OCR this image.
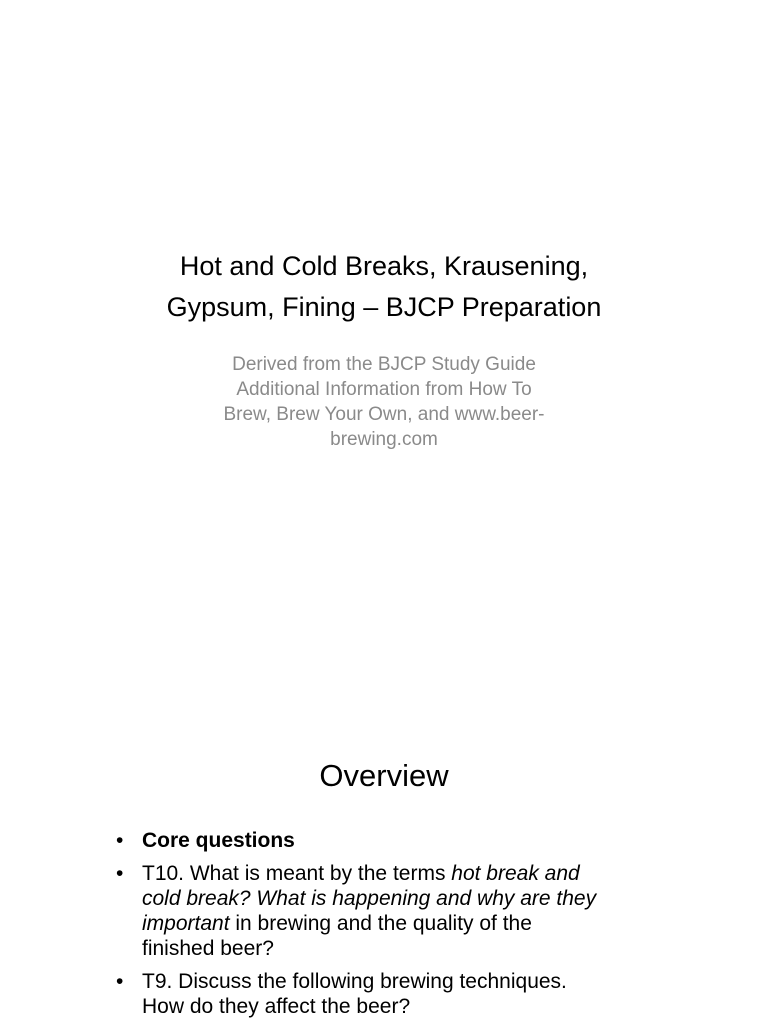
Hot and Cold Breaks, Krausening,
Gypsum, Fining – BJCP Preparation
Derived from the BJCP Study Guide
Additional Information from How To
Brew, Brew Your Own, and www.beer-
brewing.com
Overview
• Core questions
• T10. What is meant by the terms hot break and
cold break? What is happening and why are they
important in brewing and the quality of the
finished beer?
• T9. Discuss the following brewing techniques.
How do they affect the beer?
